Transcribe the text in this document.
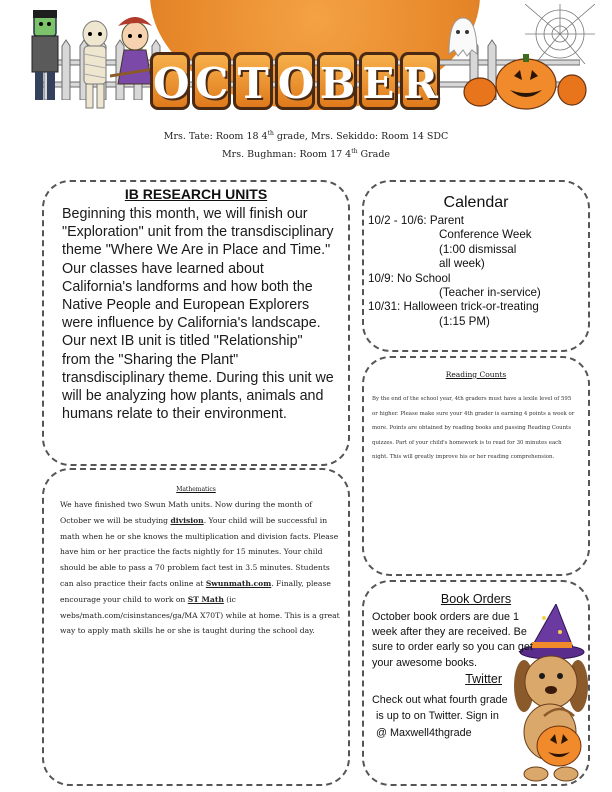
O C T O B E R
Mrs. Tate: Room 18 4th grade, Mrs. Sekiddo: Room 14 SDC
Mrs. Bughman: Room 17 4th Grade
IB RESEARCH UNITS
Beginning this month, we will finish our "Exploration" unit from the transdisciplinary theme "Where We Are in Place and Time." Our classes have learned about California's landforms and how both the Native People and European Explorers were influence by California's landscape. Our next IB unit is titled "Relationship" from the "Sharing the Plant" transdisciplinary theme. During this unit we will be analyzing how plants, animals and humans relate to their environment.
Mathematics
We have finished two Swun Math units. Now during the month of October we will be studying division. Your child will be successful in math when he or she knows the multiplication and division facts. Please have him or her practice the facts nightly for 15 minutes. Your child should be able to pass a 70 problem fact test in 3.5 minutes. Students can also practice their facts online at Swunmath.com. Finally, please encourage your child to work on ST Math (ic webs/math.com/cisinstances/ga/MA X70T) while at home. This is a great way to apply math skills he or she is taught during the school day.
Calendar
10/2 - 10/6: Parent
Conference Week
(1:00 dismissal
all week)
10/9: No School
(Teacher in-service)
10/31: Halloween trick-or-treating
(1:15 PM)
Reading Counts
By the end of the school year, 4th graders must have a lexile level of 595 or higher. Please make sure your 4th grader is earning 4 points a week or more. Points are obtained by reading books and passing Reading Counts quizzes. Part of your child's homework is to read for 30 minutes each night. This will greatly improve his or her reading comprehension.
Book Orders
October book orders are due 1 week after they are received. Be sure to order early so you can get your awesome books.
Twitter
Check out what fourth grade
is up to on Twitter. Sign in
@ Maxwell4thgrade
